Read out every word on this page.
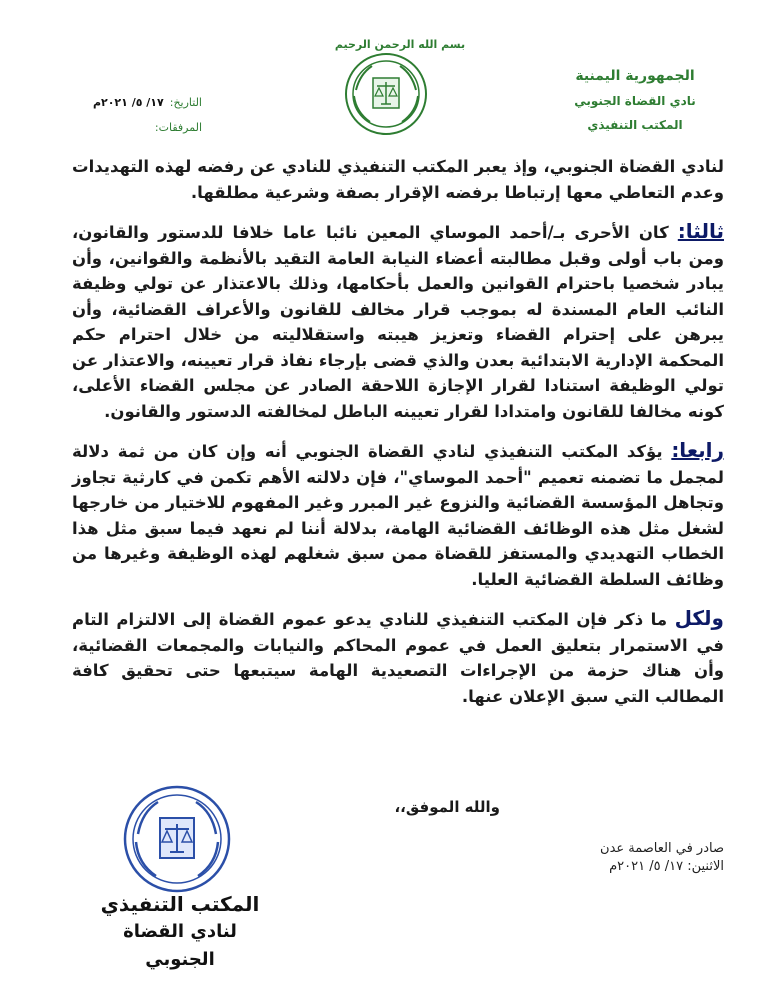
بسم الله الرحمن الرحيم
الجمهورية اليمنية
نادي القضاة الجنوبي
المكتب التنفيذي
التاريخ:١٧/ ٥/ ٢٠٢١م
المرفقات:

لنادي القضاة الجنوبي، وإذ يعبر المكتب التنفيذي للنادي عن رفضه لهذه التهديدات وعدم التعاطي معها إرتباطا برفضه الإقرار بصفة وشرعية مطلقها.

ثالثا: كان الأحرى بـ/أحمد الموساي المعين نائبا عاما خلافا للدستور والقانون، ومن باب أولى وقبل مطالبته أعضاء النيابة العامة التقيد بالأنظمة والقوانين، وأن يبادر شخصيا باحترام القوانين والعمل بأحكامها، وذلك بالاعتذار عن تولي وظيفة النائب العام المسندة له بموجب قرار مخالف للقانون والأعراف القضائية، وأن يبرهن على إحترام القضاء وتعزيز هيبته واستقلاليته من خلال احترام حكم المحكمة الإدارية الابتدائية بعدن والذي قضى بإرجاء نفاذ قرار تعيينه، والاعتذار عن تولي الوظيفة استنادا لقرار الإجازة اللاحقة الصادر عن مجلس القضاء الأعلى، كونه مخالفا للقانون وامتدادا لقرار تعيينه الباطل لمخالفته الدستور والقانون.

رابعا: يؤكد المكتب التنفيذي لنادي القضاة الجنوبي أنه وإن كان من ثمة دلالة لمجمل ما تضمنه تعميم "أحمد الموساي"، فإن دلالته الأهم تكمن في كارثية تجاوز وتجاهل المؤسسة القضائية والنزوع غير المبرر وغير المفهوم للاختيار من خارجها لشغل مثل هذه الوظائف القضائية الهامة، بدلالة أننا لم نعهد فيما سبق مثل هذا الخطاب التهديدي والمستفز للقضاة ممن سبق شغلهم لهذه الوظيفة وغيرها من وظائف السلطة القضائية العليا.

ولكل ما ذكر فإن المكتب التنفيذي للنادي يدعو عموم القضاة إلى الالتزام التام في الاستمرار بتعليق العمل في عموم المحاكم والنيابات والمجمعات القضائية، وأن هناك حزمة من الإجراءات التصعيدية الهامة سيتبعها حتى تحقيق كافة المطالب التي سبق الإعلان عنها.

والله الموفق،،
صادر في العاصمة عدن
الاثنين: ١٧/ ٥/ ٢٠٢١م
المكتب التنفيذي
لنادي القضاة الجنوبي
